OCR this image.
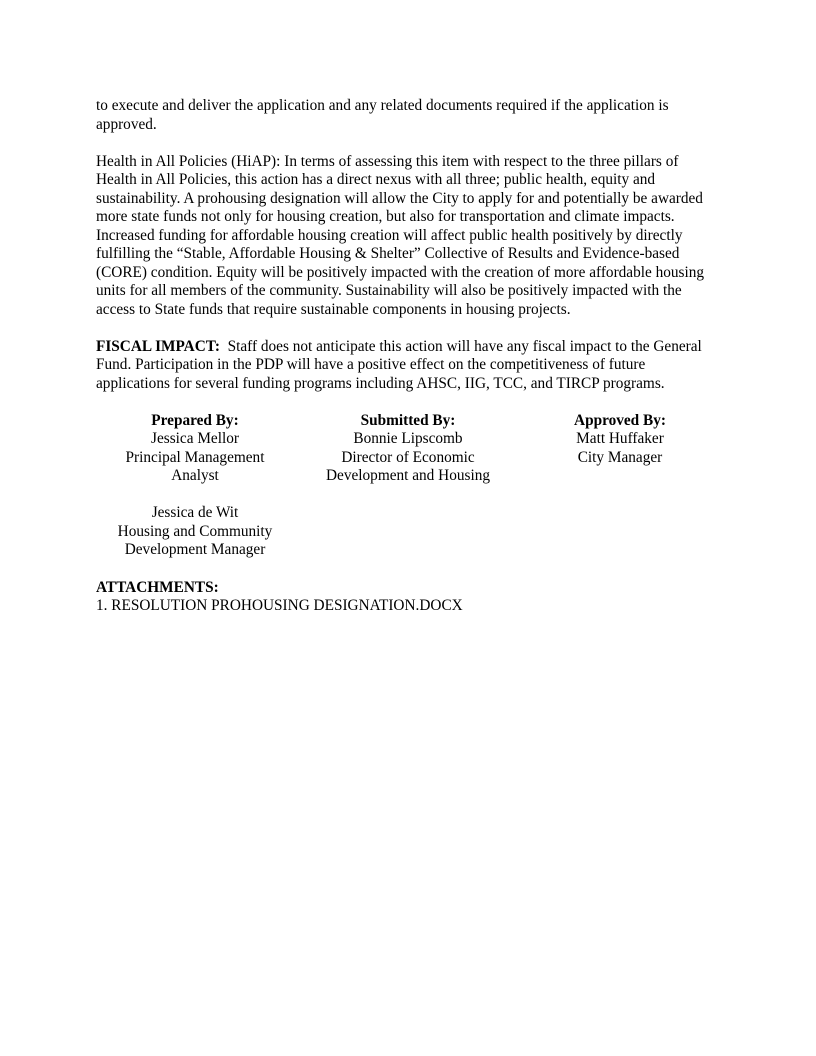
to execute and deliver the application and any related documents required if the application is approved.

Health in All Policies (HiAP): In terms of assessing this item with respect to the three pillars of Health in All Policies, this action has a direct nexus with all three; public health, equity and sustainability. A prohousing designation will allow the City to apply for and potentially be awarded more state funds not only for housing creation, but also for transportation and climate impacts. Increased funding for affordable housing creation will affect public health positively by directly fulfilling the “Stable, Affordable Housing & Shelter” Collective of Results and Evidence-based (CORE) condition. Equity will be positively impacted with the creation of more affordable housing units for all members of the community. Sustainability will also be positively impacted with the access to State funds that require sustainable components in housing projects.

FISCAL IMPACT: Staff does not anticipate this action will have any fiscal impact to the General Fund. Participation in the PDP will have a positive effect on the competitiveness of future applications for several funding programs including AHSC, IIG, TCC, and TIRCP programs.

Prepared By:
Jessica Mellor
Principal Management
Analyst
Submitted By:
Bonnie Lipscomb
Director of Economic
Development and Housing
Approved By:
Matt Huffaker
City Manager
Jessica de Wit
Housing and Community
Development Manager
ATTACHMENTS:
1. RESOLUTION PROHOUSING DESIGNATION.DOCX
